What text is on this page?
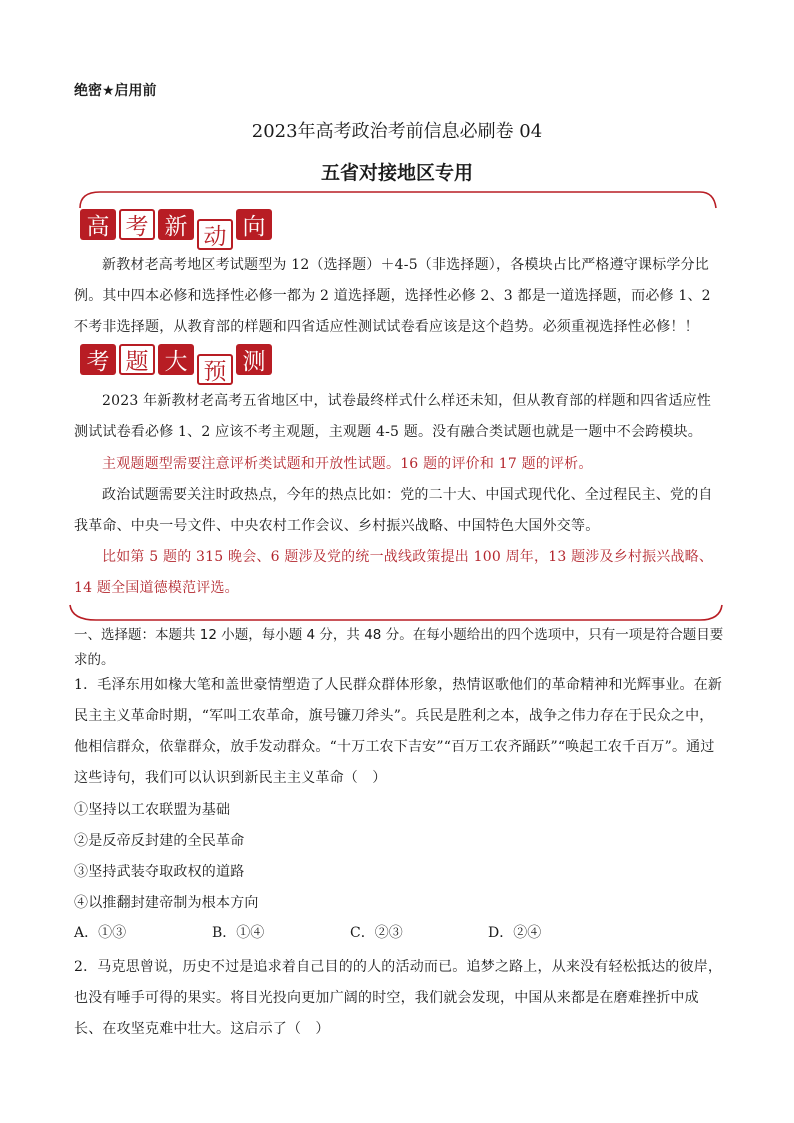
绝密★启用前
2023年高考政治考前信息必刷卷 04
五省对接地区专用
高 考 新 动 向
新教材老高考地区考试题型为 12（选择题）＋4-5（非选择题），各模块占比严格遵守课标学分比例。其中四本必修和选择性必修一都为 2 道选择题，选择性必修 2、3 都是一道选择题，而必修 1、2 不考非选择题，从教育部的样题和四省适应性测试试卷看应该是这个趋势。必须重视选择性必修！！
考 题 大 预 测
2023 年新教材老高考五省地区中，试卷最终样式什么样还未知，但从教育部的样题和四省适应性测试试卷看必修 1、2 应该不考主观题，主观题 4-5 题。没有融合类试题也就是一题中不会跨模块。
主观题题型需要注意评析类试题和开放性试题。16 题的评价和 17 题的评析。
政治试题需要关注时政热点，今年的热点比如：党的二十大、中国式现代化、全过程民主、党的自我革命、中央一号文件、中央农村工作会议、乡村振兴战略、中国特色大国外交等。
比如第 5 题的 315 晚会、6 题涉及党的统一战线政策提出 100 周年，13 题涉及乡村振兴战略、14 题全国道德模范评选。
一、选择题：本题共 12 小题，每小题 4 分，共 48 分。在每小题给出的四个选项中，只有一项是符合题目要求的。
1．毛泽东用如椽大笔和盖世豪情塑造了人民群众群体形象，热情讴歌他们的革命精神和光辉事业。在新民主主义革命时期，“军叫工农革命，旗号镰刀斧头”。兵民是胜利之本，战争之伟力存在于民众之中，他相信群众，依靠群众，放手发动群众。“十万工农下吉安”“百万工农齐踊跃”“唤起工农千百万”。通过这些诗句，我们可以认识到新民主主义革命（　）
①坚持以工农联盟为基础
②是反帝反封建的全民革命
③坚持武装夺取政权的道路
④以推翻封建帝制为根本方向
A．①③	B．①④	C．②③	D．②④
2．马克思曾说，历史不过是追求着自己目的的人的活动而已。追梦之路上，从来没有轻松抵达的彼岸，也没有唾手可得的果实。将目光投向更加广阔的时空，我们就会发现，中国从来都是在磨难挫折中成长、在攻坚克难中壮大。这启示了（　）
